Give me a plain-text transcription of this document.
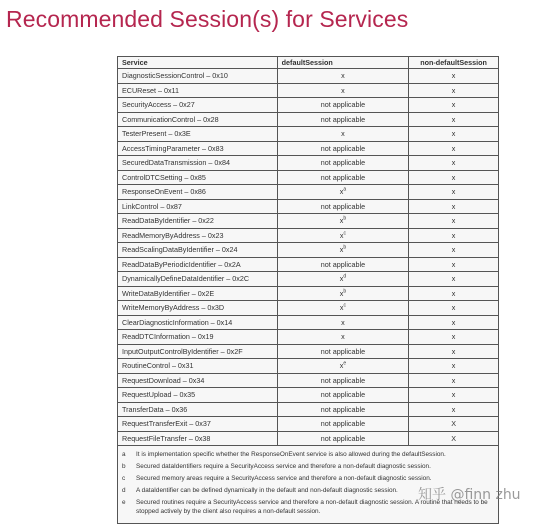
Recommended Session(s) for Services
Service	defaultSession	non-defaultSession
DiagnosticSessionControl – 0x10	x	x
ECUReset – 0x11	x	x
SecurityAccess – 0x27	not applicable	x
CommunicationControl – 0x28	not applicable	x
TesterPresent – 0x3E	x	x
AccessTimingParameter – 0x83	not applicable	x
SecuredDataTransmission – 0x84	not applicable	x
ControlDTCSetting – 0x85	not applicable	x
ResponseOnEvent – 0x86	$x^a$	x
LinkControl – 0x87	not applicable	x
ReadDataByIdentifier – 0x22	$x^b$	x
ReadMemoryByAddress – 0x23	$x^c$	x
ReadScalingDataByIdentifier – 0x24	$x^b$	x
ReadDataByPeriodicIdentifier – 0x2A	not applicable	x
DynamicallyDefineDataIdentifier – 0x2C	$x^d$	x
WriteDataByIdentifier – 0x2E	$x^b$	x
WriteMemoryByAddress – 0x3D	$x^c$	x
ClearDiagnosticInformation – 0x14	x	x
ReadDTCInformation – 0x19	x	x
InputOutputControlByIdentifier – 0x2F	not applicable	x
RoutineControl – 0x31	$x^e$	x
RequestDownload – 0x34	not applicable	x
RequestUpload – 0x35	not applicable	x
TransferData – 0x36	not applicable	x
RequestTransferExit – 0x37	not applicable	X
RequestFileTransfer – 0x38	not applicable	X
a	It is implementation specific whether the ResponseOnEvent service is also allowed during the defaultSession.
b	Secured dataIdentifiers require a SecurityAccess service and therefore a non-default diagnostic session.
c	Secured memory areas require a SecurityAccess service and therefore a non-default diagnostic session.
d	A dataIdentifier can be defined dynamically in the default and non-default diagnostic session.
e	Secured routines require a SecurityAccess service and therefore a non-default diagnostic session. A routine that needs to be stopped actively by the client also requires a non-default session.
知乎 @finn zhu
